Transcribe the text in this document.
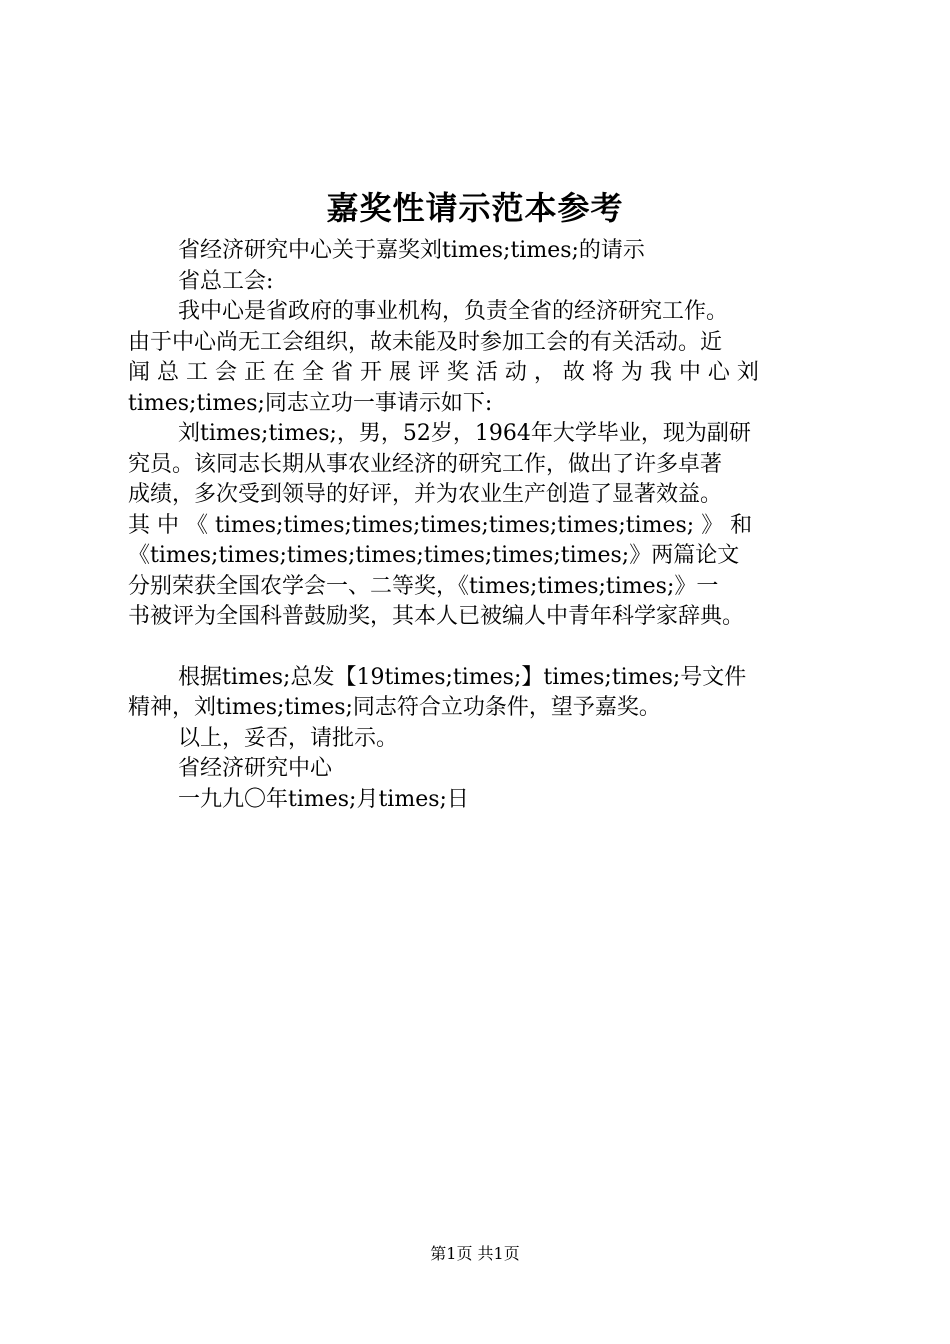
嘉奖性请示范本参考
省经济研究中心关于嘉奖刘times;times;的请示
省总工会:
我中心是省政府的事业机构，负责全省的经济研究工作。
由于中心尚无工会组织，故未能及时参加工会的有关活动。近
闻 总 工 会 正 在 全 省 开 展 评 奖 活 动 ， 故 将 为 我 中 心 刘
times;times;同志立功一事请示如下:
刘times;times;，男，52岁，1964年大学毕业，现为副研
究员。该同志长期从事农业经济的研究工作，做出了许多卓著
成绩，多次受到领导的好评，并为农业生产创造了显著效益。
其 中 《 times;times;times;times;times;times;times; 》 和
《times;times;times;times;times;times;times;》两篇论文
分别荣获全国农学会一、二等奖，《times;times;times;》一
书被评为全国科普鼓励奖，其本人已被编人中青年科学家辞典。
根据times;总发【19times;times;】times;times;号文件
精神，刘times;times;同志符合立功条件，望予嘉奖。
以上，妥否，请批示。
省经济研究中心
一九九〇年times;月times;日
第1页 共1页
